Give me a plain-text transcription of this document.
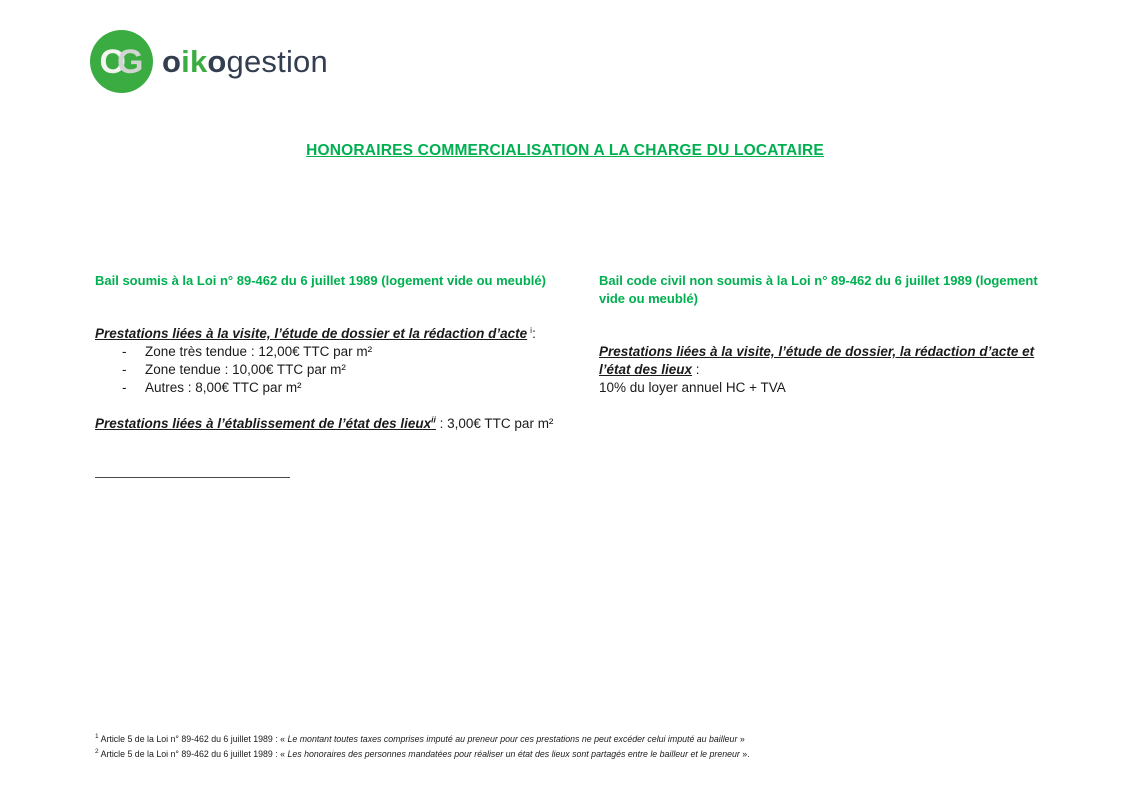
OG oikogestion
HONORAIRES COMMERCIALISATION A LA CHARGE DU LOCATAIRE
Bail soumis à la Loi n° 89-462 du 6 juillet 1989 (logement vide ou meublé)
Prestations liées à la visite, l’étude de dossier et la rédaction d’acte $^i$:
-	Zone très tendue : 12,00€ TTC par m²
-	Zone tendue : 10,00€ TTC par m²
-	Autres : 8,00€ TTC par m²
Prestations liées à l’établissement de l’état des lieux$^{ii}$ : 3,00€ TTC par m²
Bail code civil non soumis à la Loi n° 89-462 du 6 juillet 1989 (logement vide ou meublé)
Prestations liées à la visite, l’étude de dossier, la rédaction d’acte et l’état des lieux :
10% du loyer annuel HC + TVA
$^1$ Article 5 de la Loi n° 89-462 du 6 juillet 1989 : « Le montant toutes taxes comprises imputé au preneur pour ces prestations ne peut excéder celui imputé au bailleur »
$^2$ Article 5 de la Loi n° 89-462 du 6 juillet 1989 : « Les honoraires des personnes mandatées pour réaliser un état des lieux sont partagés entre le bailleur et le preneur ».
